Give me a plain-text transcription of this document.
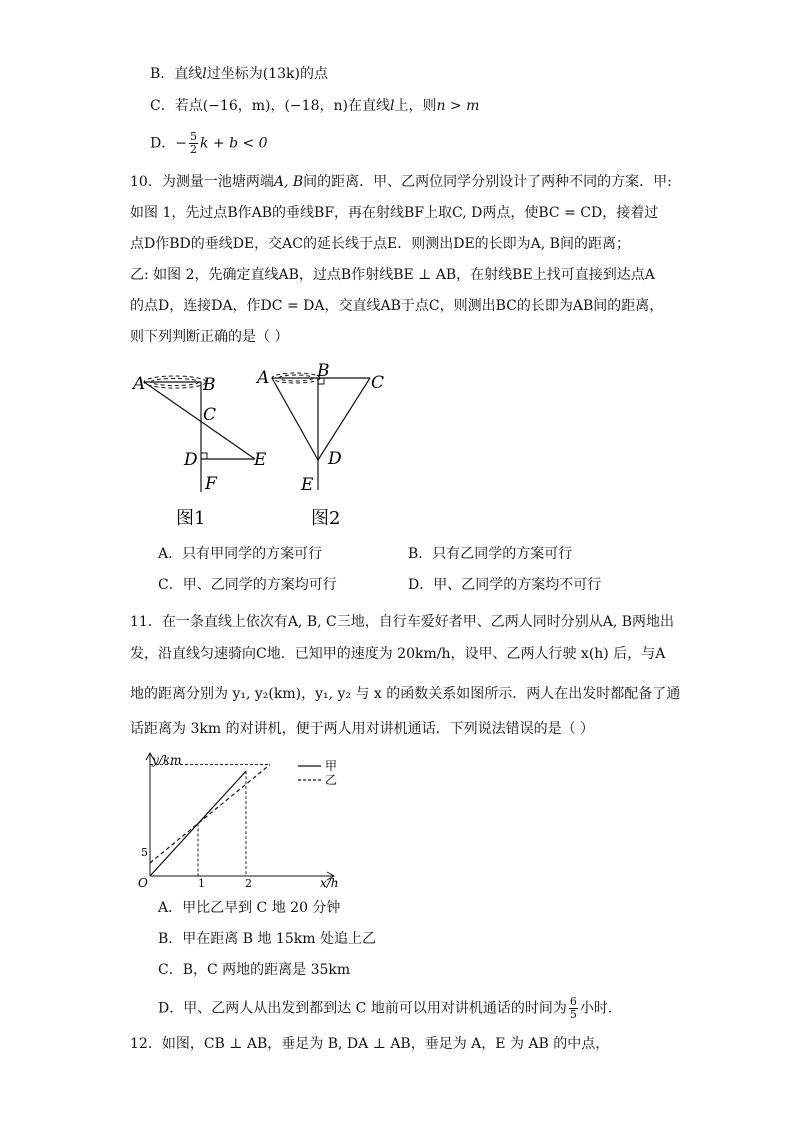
B．直线l过坐标为(13k)的点
C．若点(−16，m)，(−18，n)在直线l上，则n > m
D．− $\frac{5}{2}$ k + b < 0
10．为测量一池塘两端A, B间的距离．甲、乙两位同学分别设计了两种不同的方案．甲:
如图 1，先过点B作AB的垂线BF，再在射线BF上取C, D两点，使BC = CD，接着过
点D作BD的垂线DE，交AC的延长线于点E．则测出DE的长即为A, B间的距离；
乙: 如图 2，先确定直线AB，过点B作射线BE ⊥ AB，在射线BE上找可直接到达点A
的点D，连接DA，作DC = DA，交直线AB于点C，则测出BC的长即为AB间的距离，
则下列判断正确的是（ ）
A	B
C
D	E
F
图1
A	B
C
D
E
图2
A．只有甲同学的方案可行	B．只有乙同学的方案可行
C．甲、乙同学的方案均可行	D．甲、乙同学的方案均不可行
11．在一条直线上依次有A, B, C三地，自行车爱好者甲、乙两人同时分别从A, B两地出
发，沿直线匀速骑向C地．已知甲的速度为 20km/h，设甲、乙两人行驶 x(h) 后，与A
地的距离分别为 y₁, y₂(km)，y₁, y₂ 与 x 的函数关系如图所示．两人在出发时都配备了通
话距离为 3km 的对讲机，便于两人用对讲机通话．下列说法错误的是（ ）
y/km
x/h
O
5
1	2
甲
乙
A．甲比乙早到 C 地 20 分钟
B．甲在距离 B 地 15km 处追上乙
C．B，C 两地的距离是 35km
D．甲、乙两人从出发到都到达 C 地前可以用对讲机通话的时间为 $\frac{6}{5}$ 小时．
12．如图，CB ⊥ AB，垂足为 B, DA ⊥ AB，垂足为 A，E 为 AB 的中点，
